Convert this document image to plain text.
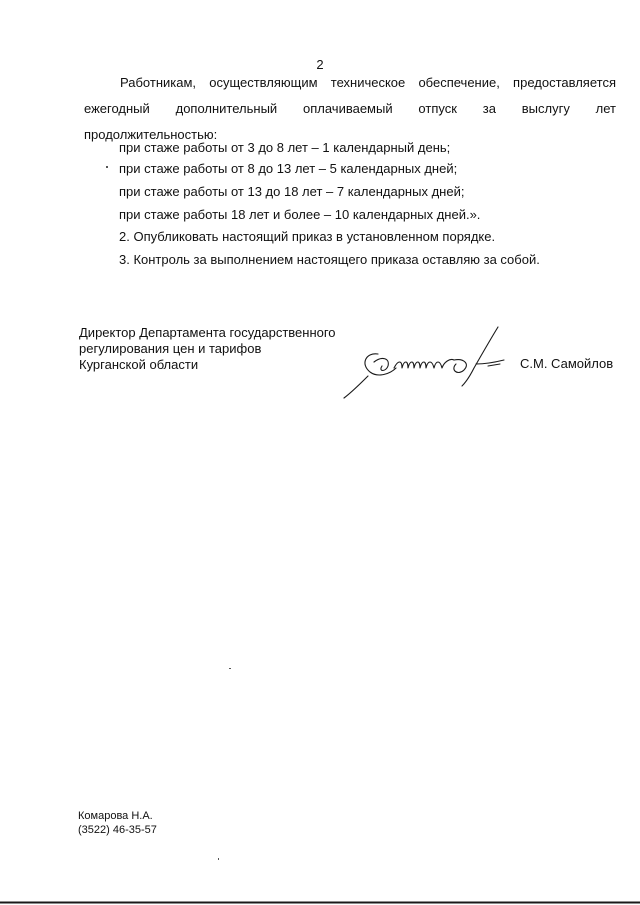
2
Работникам, осуществляющим техническое обеспечение, предоставляется ежегодный дополнительный оплачиваемый отпуск за выслугу лет продолжительностью:
при стаже работы от 3 до 8 лет – 1 календарный день;
при стаже работы от 8 до 13 лет – 5 календарных дней;
при стаже работы от 13 до 18 лет – 7 календарных дней;
при стаже работы 18 лет и более – 10 календарных дней.».
2. Опубликовать настоящий приказ в установленном порядке.
3. Контроль за выполнением настоящего приказа оставляю за собой.
Директор Департамента государственного
регулирования цен и тарифов
Курганской области	С.М. Самойлов
Комарова Н.А.
(3522) 46-35-57
